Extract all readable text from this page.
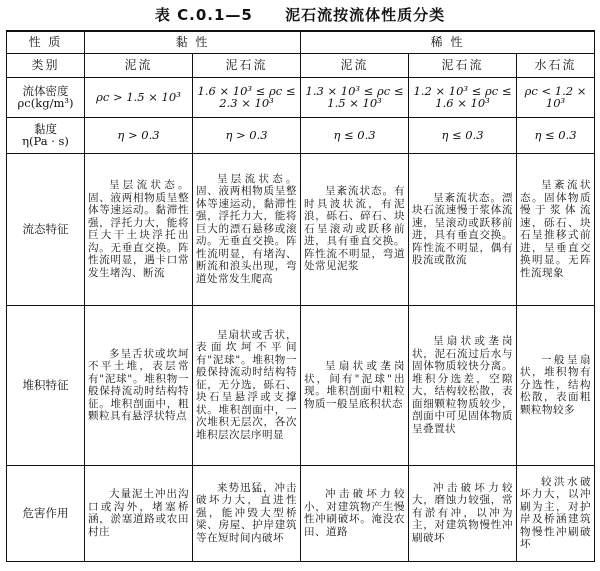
表 C.0.1—5 泥石流按流体性质分类
性 质	黏 性		稀 性		
类别	泥流	泥石流	泥流	泥石流	水石流

流体密度
ρc(kg/m³)	ρc > 1.5 × 10³	1.6 × 10³ ≤ ρc ≤ 2.3 × 10³	1.3 × 10³ ≤ ρc ≤ 1.5 × 10³	1.2 × 10³ ≤ ρc ≤ 1.6 × 10³	ρc < 1.2 × 10³

黏度
η(Pa · s)	η > 0.3	η > 0.3	η ≤ 0.3	η ≤ 0.3	η ≤ 0.3
流态特征	呈层流状态。固、液两相物质呈整体等速运动。黏滞性强，浮托力大，能将巨大干土块浮托出沟。无垂直交换。阵性流明显，遇卡口常发生堵沟、断流	呈层流状态。固、液两相物质呈整体等速运动，黏滞性强，浮托力大，能将巨大的漂石悬移或滚动。无垂直交换。阵性流明显，有堵沟、断流和浪头出现，弯道处常发生爬高	呈紊流状态。有时具波状流，有泥浪，砾石、碎石、块石呈滚动或跃移前进，具有垂直交换。阵性流不明显，弯道处常见泥浆	呈紊流状态。漂块石流速慢于浆体流速，呈滚动或跃移前进，具有垂直交换。阵性流不明显，偶有股流或散流	呈紊流状态。固体物质慢于浆体流速，砾石、块石呈推移式前进，呈垂直交换明显。无阵性流现象
堆积特征	多呈舌状或坎坷不平土堆，表层常有"泥球"。堆积物一般保持流动时结构特征。堆积剖面中，粗颗粒具有悬浮状特点	呈扇状或舌状，表面坎坷不平间有"泥球"。堆积物一般保持流动时结构特征，无分选，砾石、块石呈悬浮或支撑状。堆积剖面中，一次堆积无层次，各次堆积层次层序明显	呈扇状或垄岗状，间有"泥球"出现。堆积剖面中粗粒物质一般呈底积状态	呈扇状或垄岗状，泥石流过后水与固体物质较快分离。堆积分选差，空隙大，结构较松散，表面细颗粒物质较少，剖面中可见固体物质呈叠置状	一般呈扇状，堆积物有分选性，结构松散，表面粗颗粒物较多
危害作用	大量泥土冲出沟口或沟外，堵塞桥涵，淤塞道路或农田村庄	来势迅猛，冲击破坏力大，直进性强，能冲毁大型桥梁、房屋、护岸建筑等在短时间内破坏	冲击破坏力较小，对建筑物产生慢性冲刷破坏。淹没农田、道路	冲击破坏力较大，磨蚀力较强，常有淤有冲，以冲为主，对建筑物慢性冲刷破坏	较洪水破坏力大，以冲刷为主，对护岸及桥涵建筑物慢性冲刷破坏
